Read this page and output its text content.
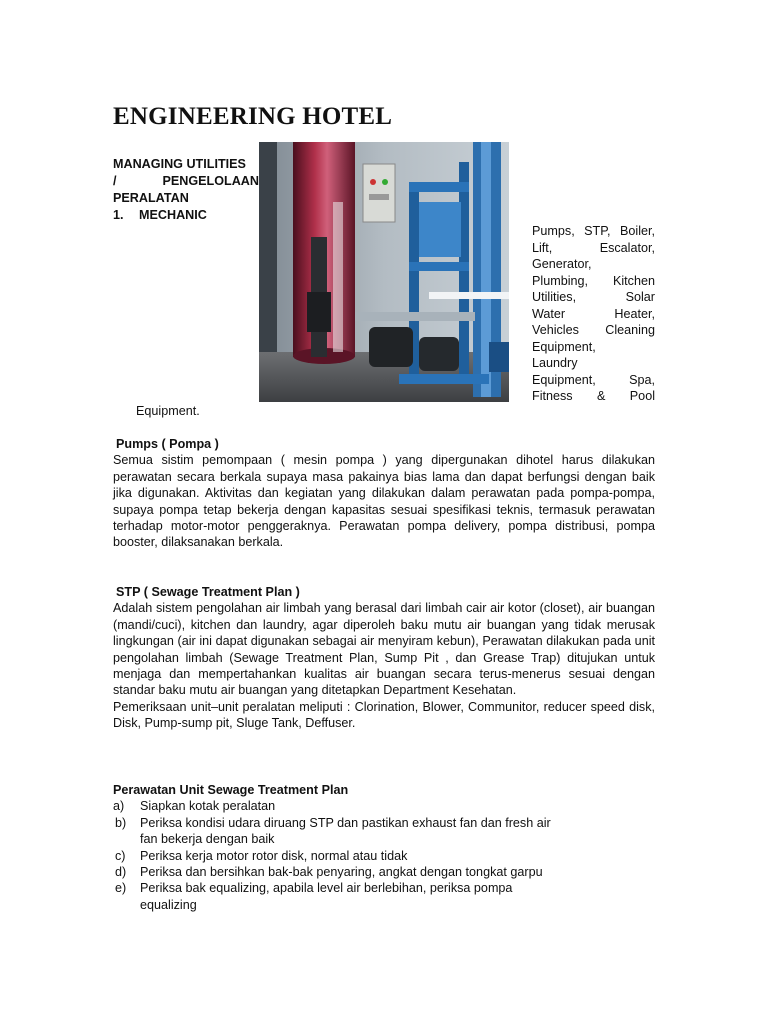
ENGINEERING HOTEL
MANAGING UTILITIES
/	PENGELOLAAN
PERALATAN
1.	MECHANIC
Pumps, STP, Boiler,
Lift, Escalator,
Generator,
Plumbing, Kitchen
Utilities, Solar
Water Heater,
Vehicles Cleaning
Equipment,
Laundry
Equipment, Spa,
Fitness & Pool
Equipment.
Pumps ( Pompa )

Semua sistim pemompaan ( mesin pompa ) yang dipergunakan dihotel harus dilakukan perawatan secara berkala supaya masa pakainya bias lama dan dapat berfungsi dengan baik jika digunakan. Aktivitas dan kegiatan yang dilakukan dalam perawatan pada pompa-pompa, supaya pompa tetap bekerja dengan kapasitas sesuai spesifikasi teknis, termasuk perawatan terhadap motor-motor penggeraknya. Perawatan pompa delivery, pompa distribusi, pompa booster, dilaksanakan berkala.

STP ( Sewage Treatment Plan )

Adalah sistem pengolahan air limbah yang berasal dari limbah cair air kotor (closet), air buangan (mandi/cuci), kitchen dan laundry, agar diperoleh baku mutu air buangan yang tidak merusak lingkungan (air ini dapat digunakan sebagai air menyiram kebun), Perawatan dilakukan pada unit pengolahan limbah (Sewage Treatment Plan, Sump Pit , dan Grease Trap) ditujukan untuk menjaga dan mempertahankan kualitas air buangan secara terus-menerus sesuai dengan standar baku mutu air buangan yang ditetapkan Department Kesehatan.

Pemeriksaan unit–unit peralatan meliputi : Clorination, Blower, Communitor, reducer speed disk, Disk, Pump-sump pit, Sluge Tank, Deffuser.

Perawatan Unit Sewage Treatment Plan
a)	Siapkan kotak peralatan
b)	Periksa kondisi udara diruang STP dan pastikan exhaust fan dan fresh air fan bekerja dengan baik
c)	Periksa kerja motor rotor disk, normal atau tidak
d)	Periksa dan bersihkan bak-bak penyaring, angkat dengan tongkat garpu
e)	Periksa bak equalizing, apabila level air berlebihan, periksa pompa equalizing
